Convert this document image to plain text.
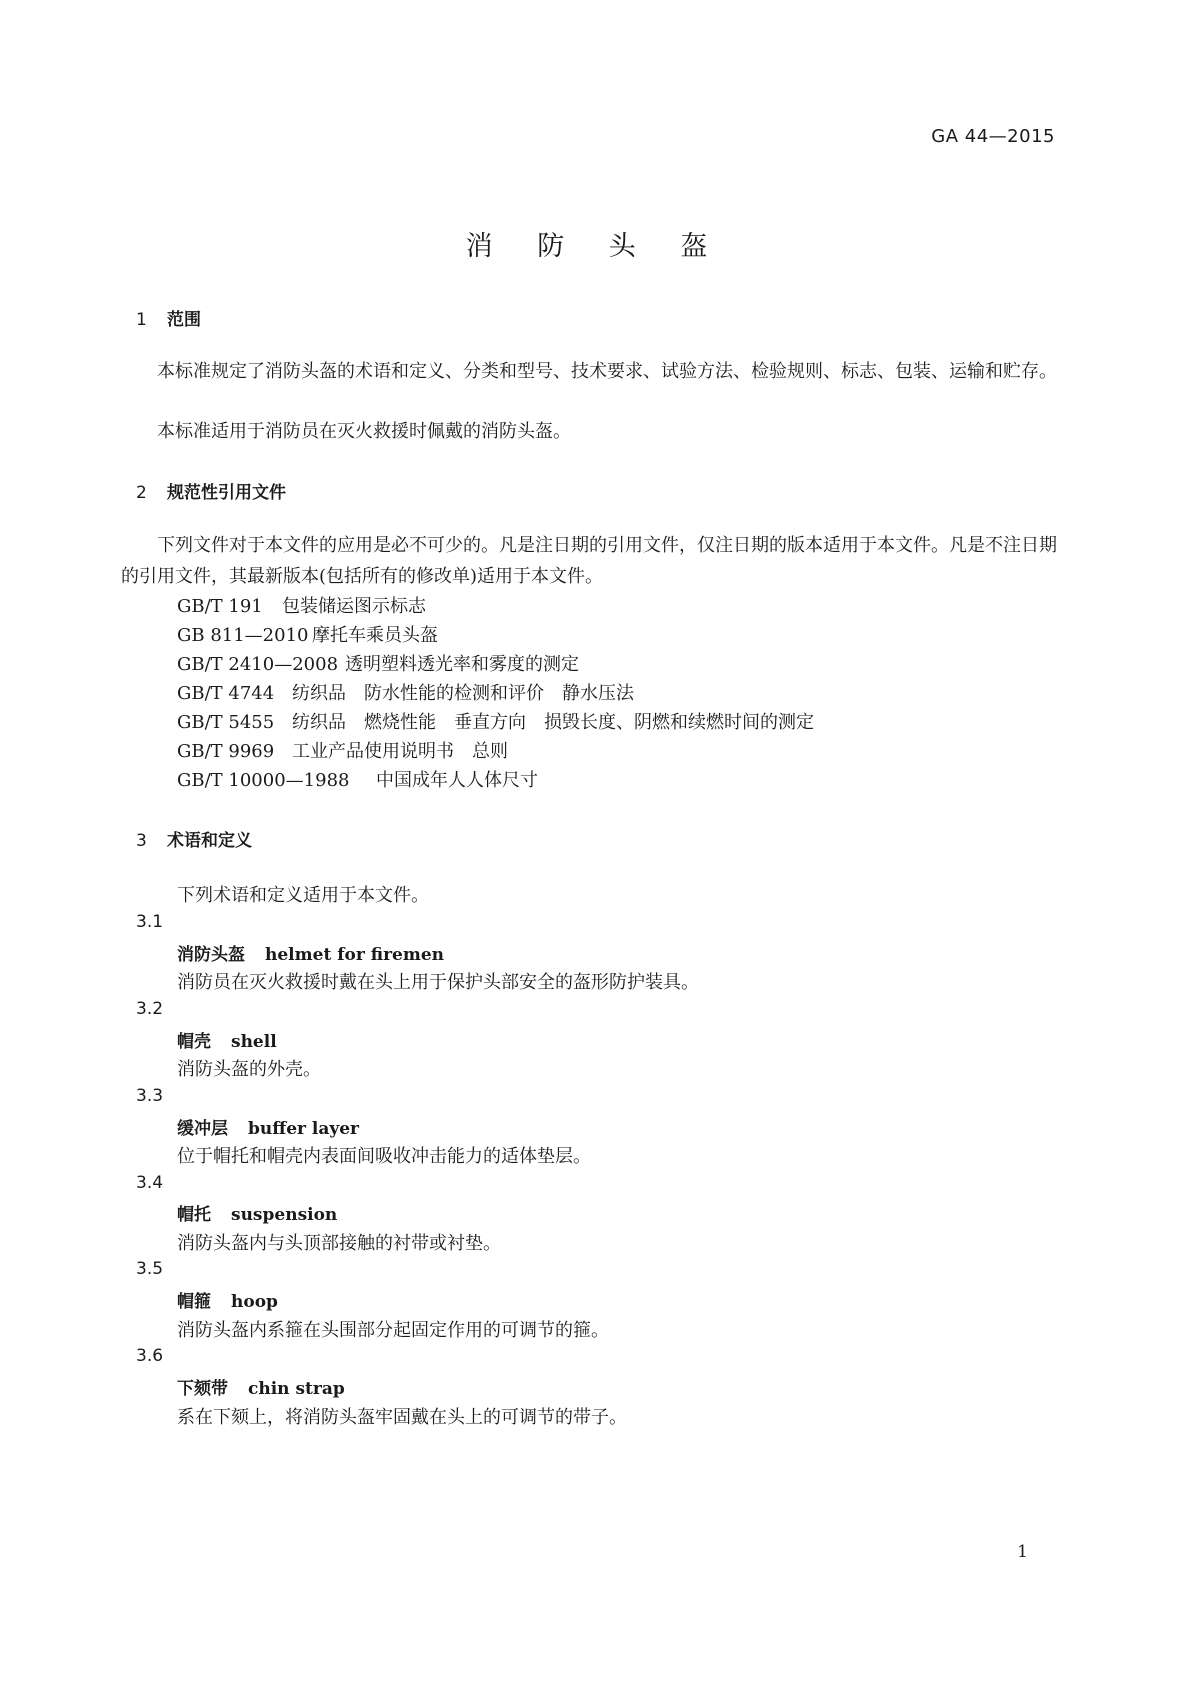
GA 44—2015
消 防 头 盔
1 范围
本标准规定了消防头盔的术语和定义、分类和型号、技术要求、试验方法、检验规则、标志、包装、运输和贮存。
本标准适用于消防员在灭火救援时佩戴的消防头盔。
2 规范性引用文件
下列文件对于本文件的应用是必不可少的。凡是注日期的引用文件，仅注日期的版本适用于本文件。凡是不注日期的引用文件，其最新版本(包括所有的修改单)适用于本文件。
GB/T 191 包装储运图示标志
GB 811—2010 摩托车乘员头盔
GB/T 2410—2008 透明塑料透光率和雾度的测定
GB/T 4744 纺织品　防水性能的检测和评价　静水压法
GB/T 5455 纺织品　燃烧性能　垂直方向　损毁长度、阴燃和续燃时间的测定
GB/T 9969 工业产品使用说明书　总则
GB/T 10000—1988 中国成年人人体尺寸
3 术语和定义
下列术语和定义适用于本文件。
3.1
消防头盔 helmet for firemen
消防员在灭火救援时戴在头上用于保护头部安全的盔形防护装具。
3.2
帽壳 shell
消防头盔的外壳。
3.3
缓冲层 buffer layer
位于帽托和帽壳内表面间吸收冲击能力的适体垫层。
3.4
帽托 suspension
消防头盔内与头顶部接触的衬带或衬垫。
3.5
帽箍 hoop
消防头盔内系箍在头围部分起固定作用的可调节的箍。
3.6
下颏带 chin strap
系在下颏上，将消防头盔牢固戴在头上的可调节的带子。
1
